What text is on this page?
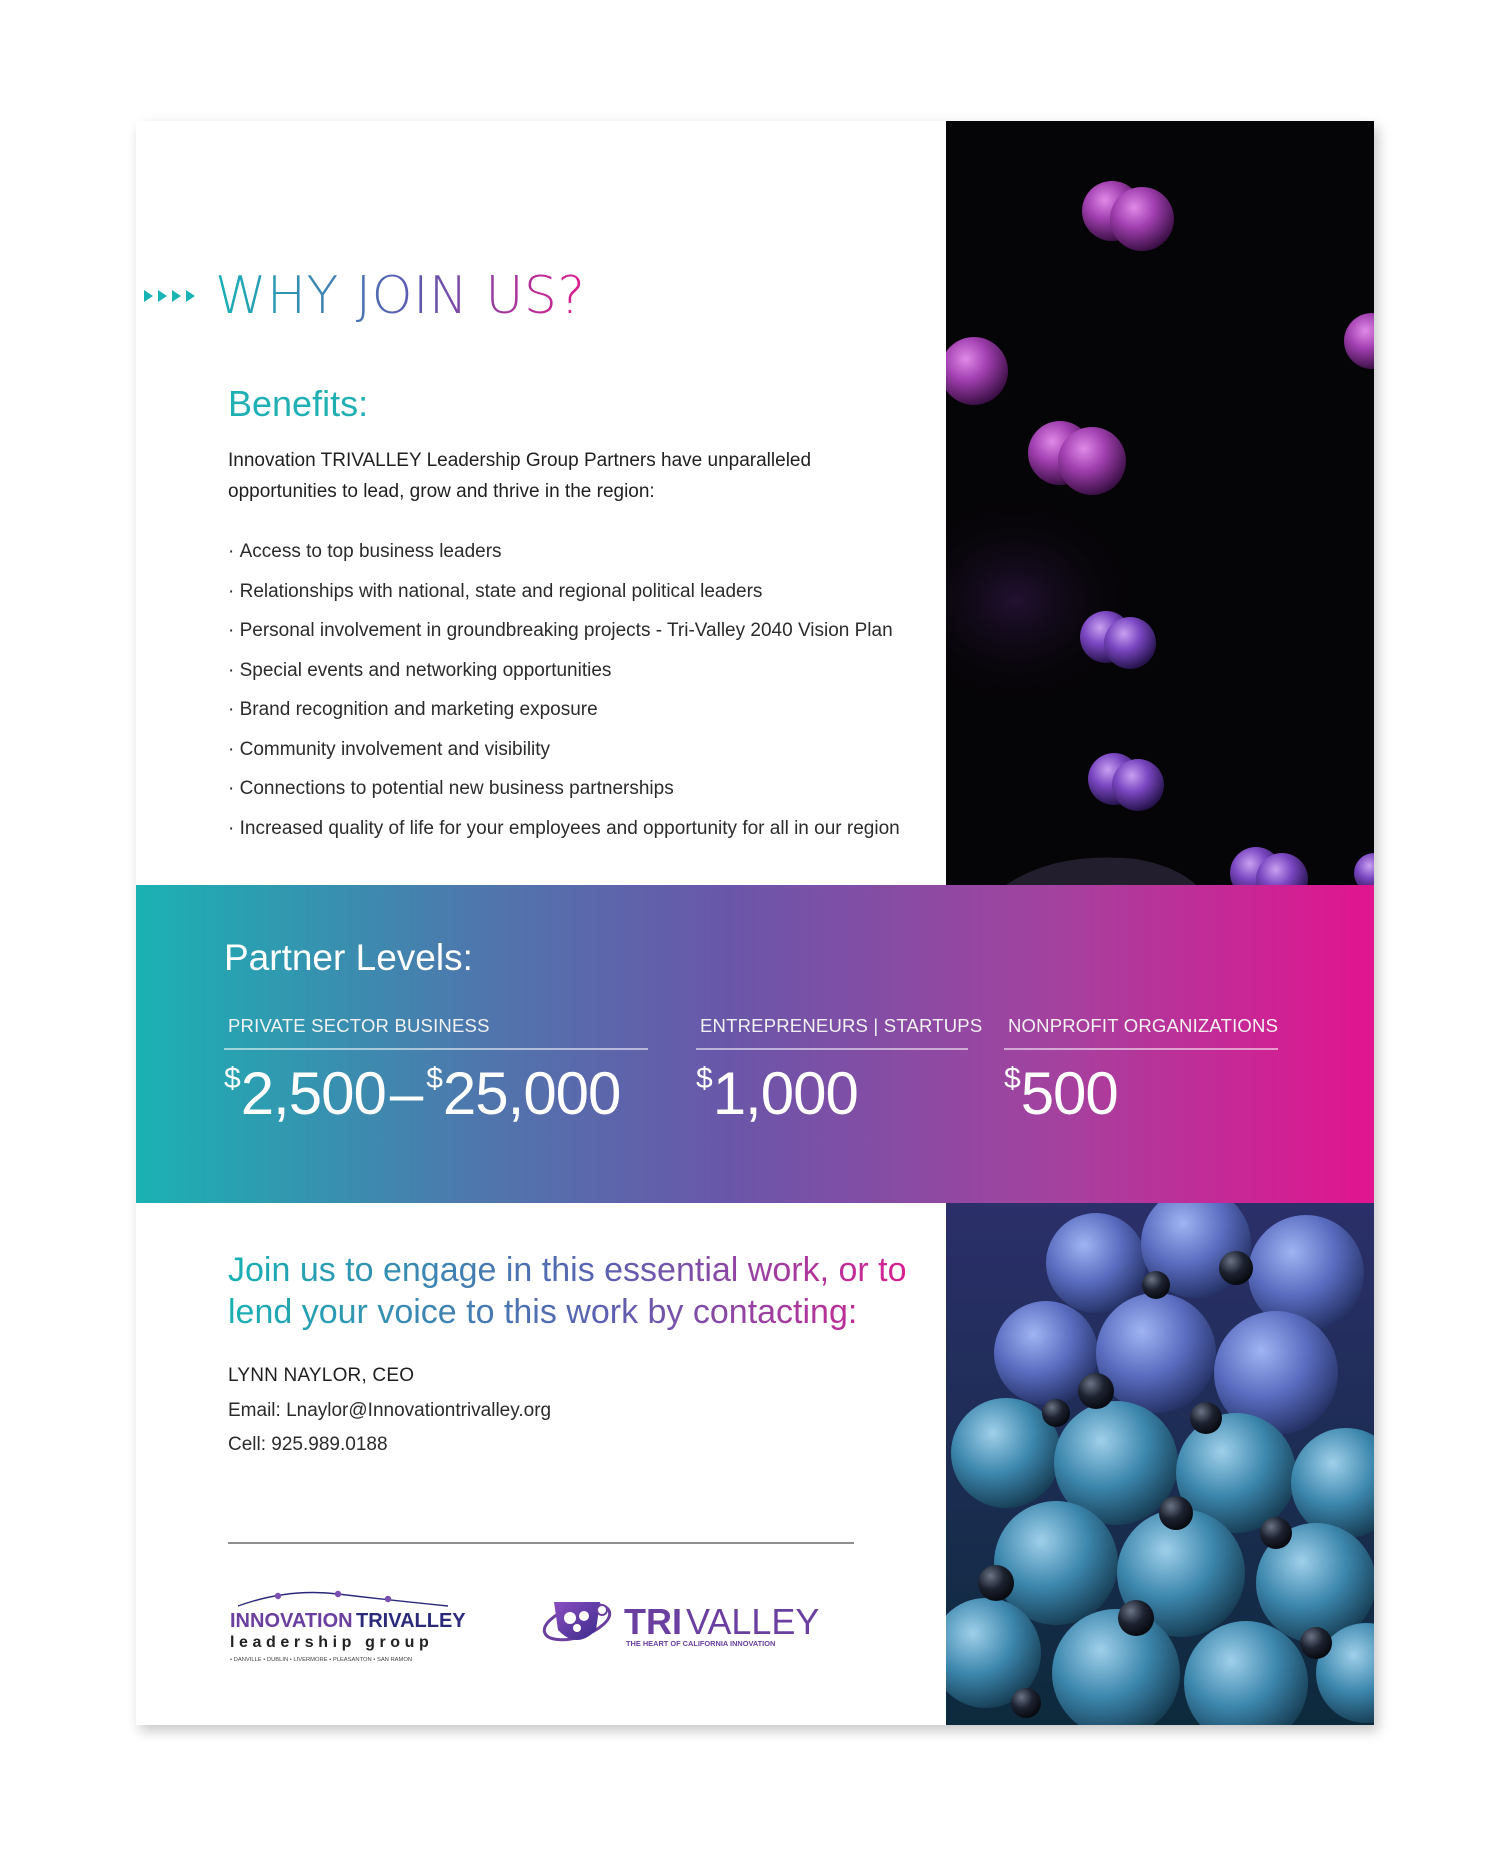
WHY JOIN US?
Benefits:
Innovation TRIVALLEY Leadership Group Partners have unparalleled opportunities to lead, grow and thrive in the region:
· Access to top business leaders
· Relationships with national, state and regional political leaders
· Personal involvement in groundbreaking projects - Tri-Valley 2040 Vision Plan
· Special events and networking opportunities
· Brand recognition and marketing exposure
· Community involvement and visibility
· Connections to potential new business partnerships
· Increased quality of life for your employees and opportunity for all in our region
Partner Levels:
PRIVATE SECTOR BUSINESS
$ 2,500 – $ 25,000
ENTREPRENEURS | STARTUPS
$ 1,000
NONPROFIT ORGANIZATIONS
$ 500
Join us to engage in this essential work, or to lend your voice to this work by contacting:
LYNN NAYLOR, CEO
Email: Lnaylor@Innovationtrivalley.org
Cell: 925.989.0188
INNOVATION TRIVALLEY
leadership group
• DANVILLE • DUBLIN • LIVERMORE • PLEASANTON • SAN RAMON
TRI VALLEY
THE HEART OF CALIFORNIA INNOVATION
